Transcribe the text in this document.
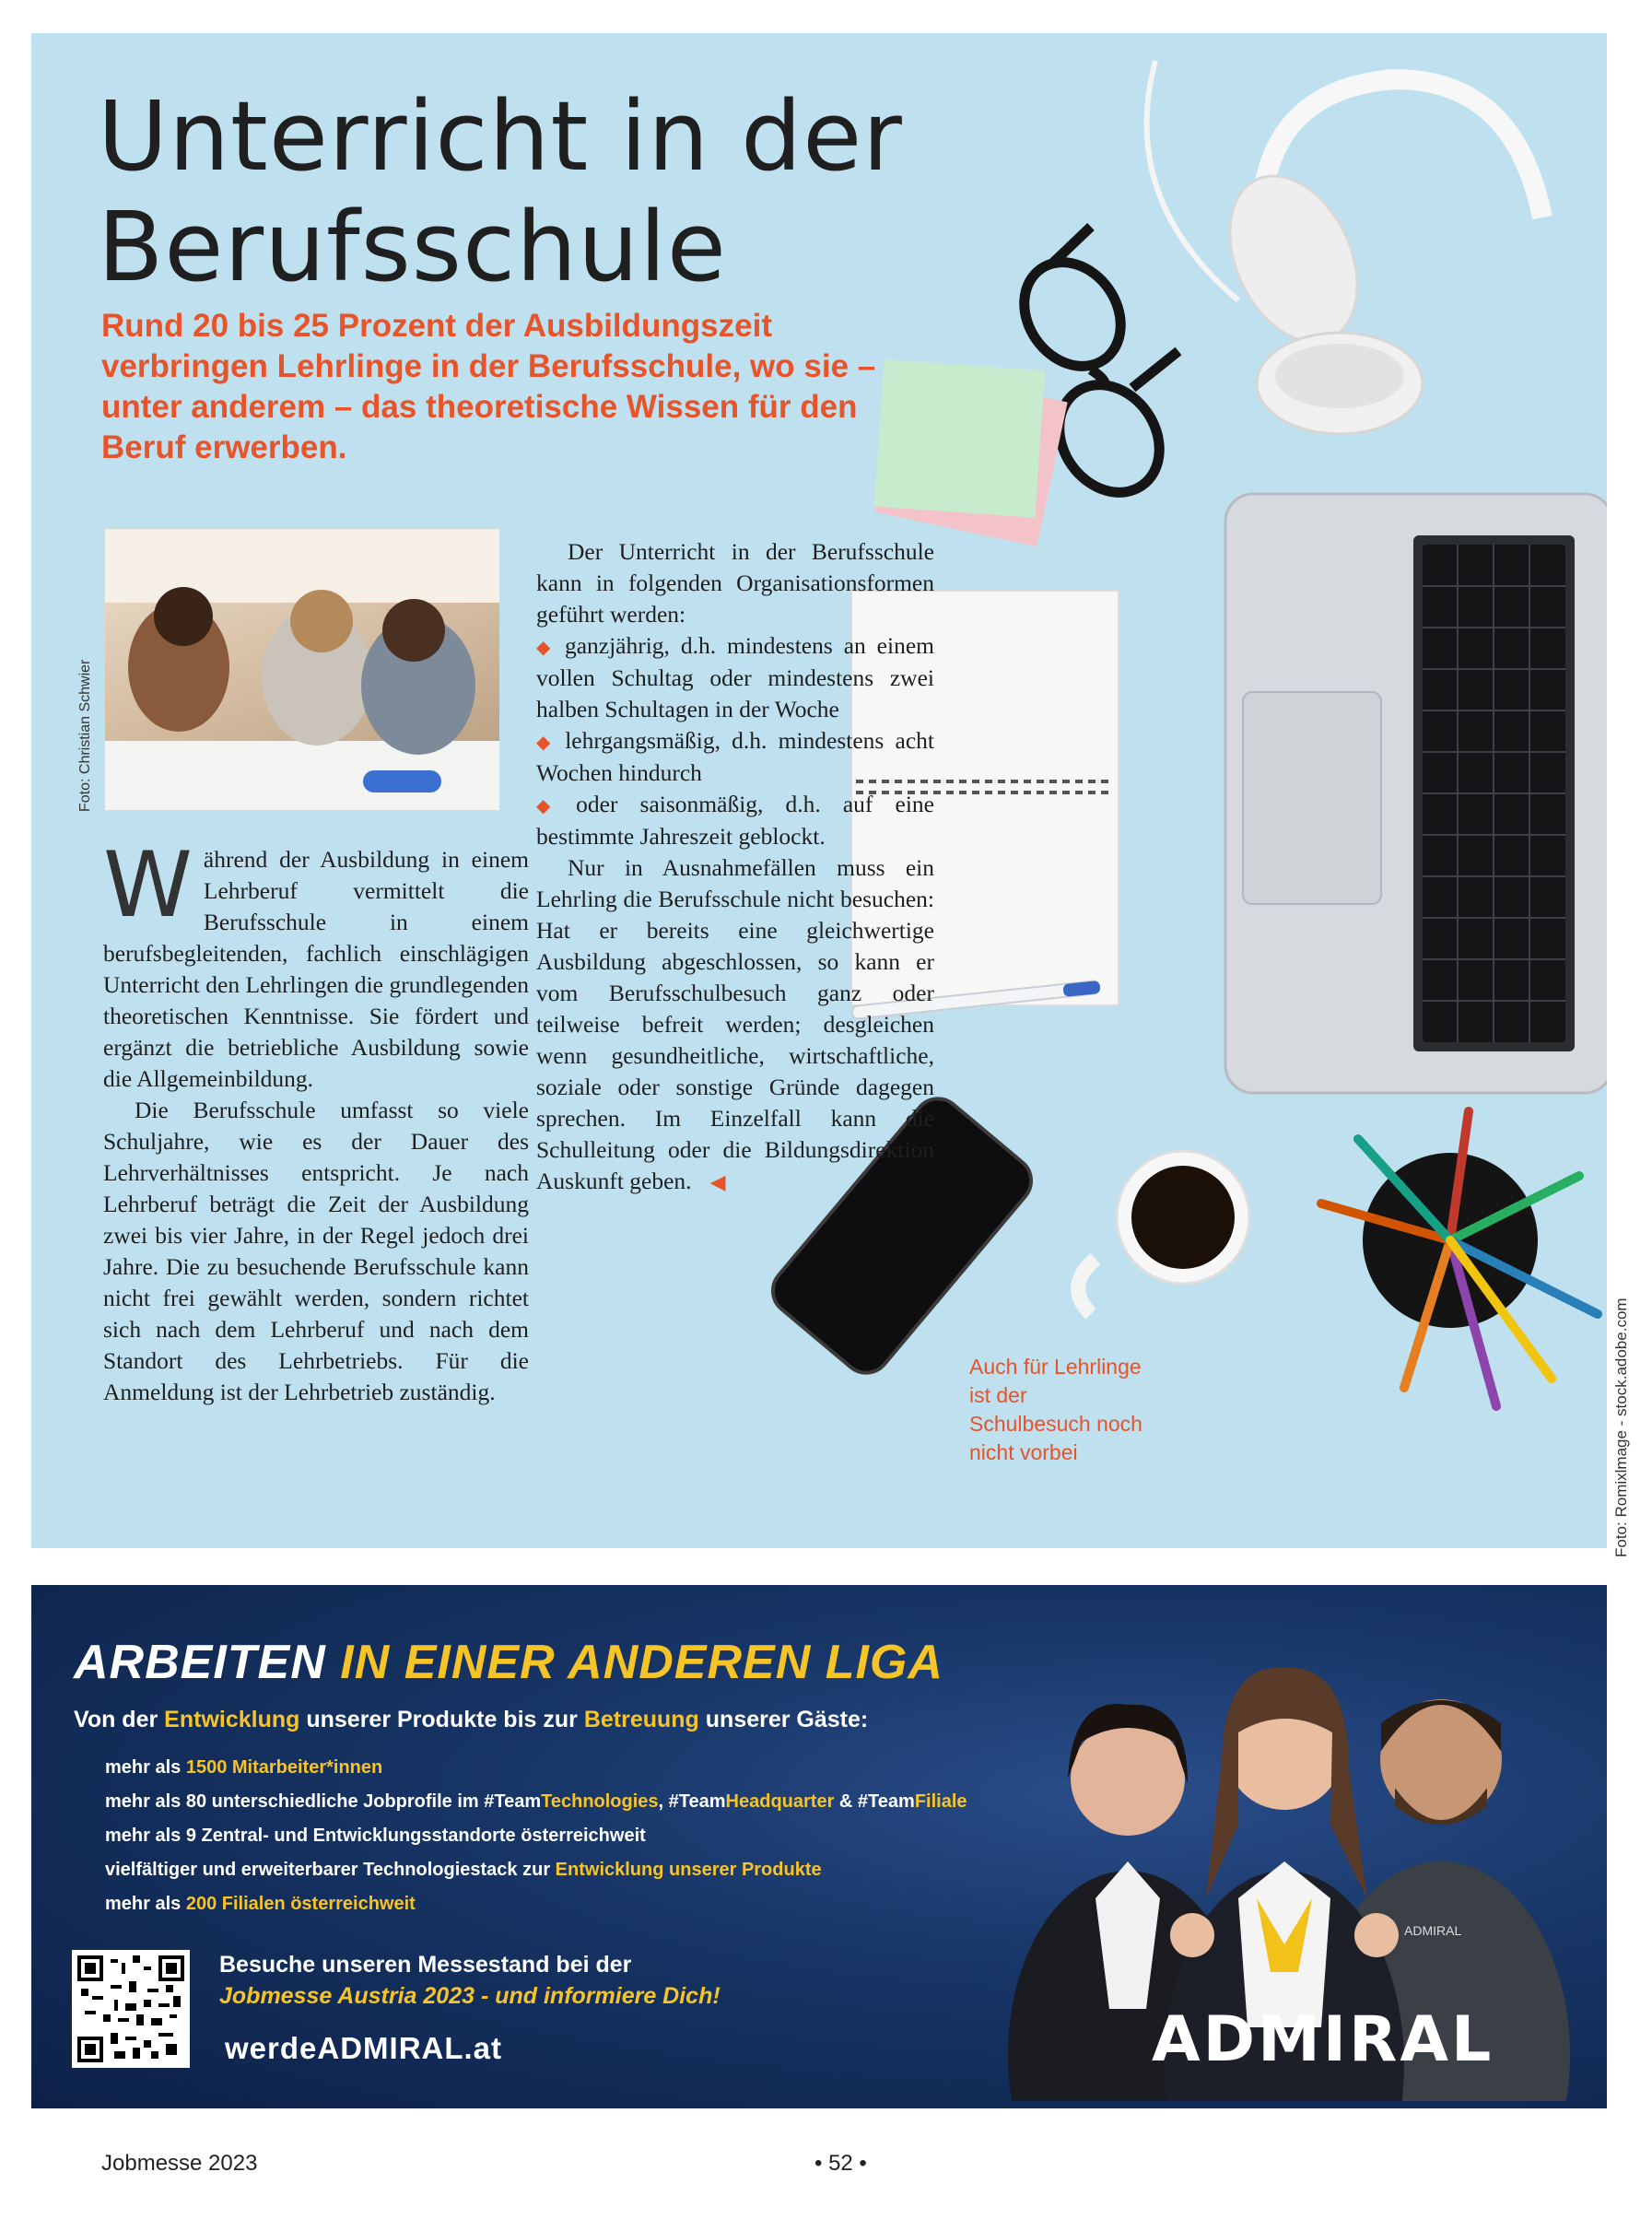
Unterricht in der
Berufsschule

Rund 20 bis 25 Prozent der Ausbildungszeit verbringen Lehrlinge in der Berufsschule, wo sie – unter anderem – das theoretische Wissen für den Beruf erwerben.

Foto: Christian Schwier

W ährend der Ausbildung in einem Lehrberuf vermittelt die Berufsschule in einem berufsbegleitenden, fachlich einschlägigen Unterricht den Lehrlingen die grundlegenden theoretischen Kenntnisse. Sie fördert und ergänzt die betriebliche Ausbildung sowie die Allgemeinbildung.

Die Berufsschule umfasst so viele Schuljahre, wie es der Dauer des Lehrverhältnisses entspricht. Je nach Lehrberuf beträgt die Zeit der Ausbildung zwei bis vier Jahre, in der Regel jedoch drei Jahre. Die zu besuchende Berufsschule kann nicht frei gewählt werden, sondern richtet sich nach dem Lehrberuf und nach dem Standort des Lehrbetriebs. Für die Anmeldung ist der Lehrbetrieb zuständig.

Der Unterricht in der Berufsschule kann in folgenden Organisationsformen geführt werden:

◆ ganzjährig, d.h. mindestens an einem vollen Schultag oder mindestens zwei halben Schultagen in der Woche

◆ lehrgangsmäßig, d.h. mindestens acht Wochen hindurch

◆ oder saisonmäßig, d.h. auf eine bestimmte Jahreszeit geblockt.

Nur in Ausnahmefällen muss ein Lehrling die Berufsschule nicht besuchen: Hat er bereits eine gleichwertige Ausbildung abgeschlossen, so kann er vom Berufsschulbesuch ganz oder teilweise befreit werden; desgleichen wenn gesundheitliche, wirtschaftliche, soziale oder sonstige Gründe dagegen sprechen. Im Einzelfall kann die Schulleitung oder die Bildungsdirektion Auskunft geben. ◀

Auch für Lehrlinge ist der Schulbesuch noch nicht vorbei	Foto: Romixlmage - stock.adobe.com
ADMIRAL
ARBEITEN IN EINER ANDEREN LIGA
Von der Entwicklung unserer Produkte bis zur Betreuung unserer Gäste:
mehr als 1500 Mitarbeiter*innen
mehr als 80 unterschiedliche Jobprofile im #TeamTechnologies, #TeamHeadquarter & #TeamFiliale
mehr als 9 Zentral- und Entwicklungsstandorte österreichweit
vielfältiger und erweiterbarer Technologiestack zur Entwicklung unserer Produkte
mehr als 200 Filialen österreichweit
Besuche unseren Messestand bei der
Jobmesse Austria 2023 - und informiere Dich!
werdeADMIRAL.at	ADMIRAL
Jobmesse 2023	• 52 •
